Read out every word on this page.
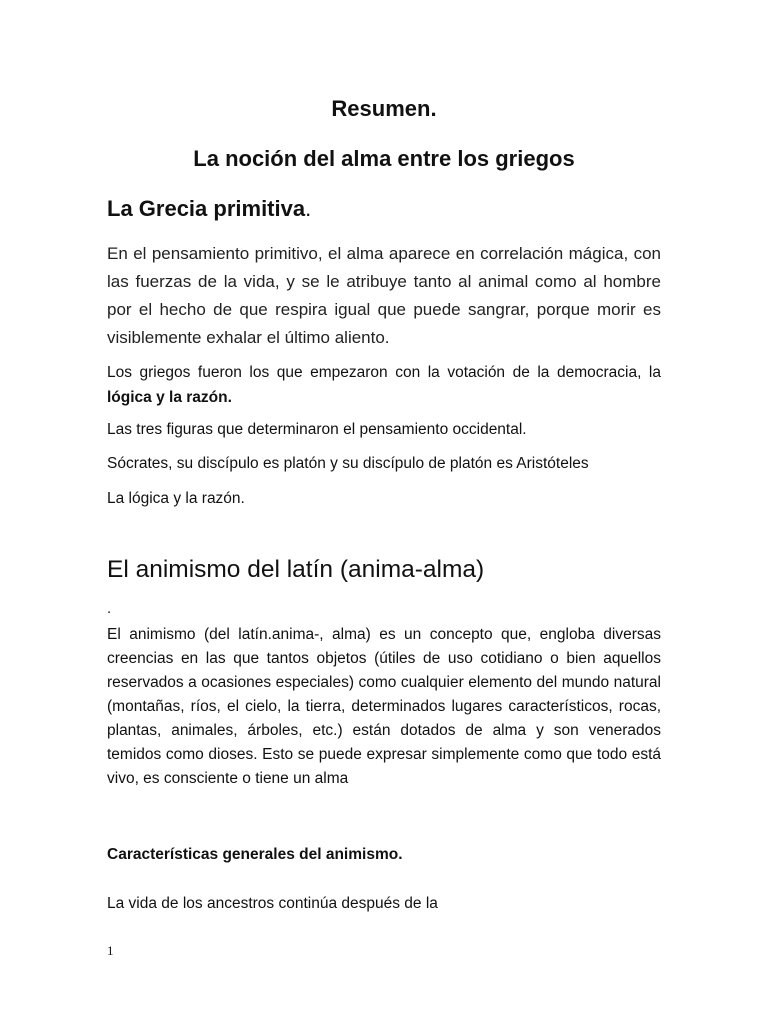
Resumen.
La noción del alma entre los griegos
La Grecia primitiva.

En el pensamiento primitivo, el alma aparece en correlación mágica, con las fuerzas de la vida, y se le atribuye tanto al animal como al hombre por el hecho de que respira igual que puede sangrar, porque morir es visiblemente exhalar el último aliento.

Los griegos fueron los que empezaron con la votación de la democracia, la lógica y la razón.

Las tres figuras que determinaron el pensamiento occidental.

Sócrates, su discípulo es platón y su discípulo de platón es Aristóteles

La lógica y la razón.

El animismo del latín (anima-alma)
.

El animismo (del latín.anima-, alma) es un concepto que, engloba diversas creencias en las que tantos objetos (útiles de uso cotidiano o bien aquellos reservados a ocasiones especiales) como cualquier elemento del mundo natural (montañas, ríos, el cielo, la tierra, determinados lugares característicos, rocas, plantas, animales, árboles, etc.) están dotados de alma y son venerados temidos como dioses. Esto se puede expresar simplemente como que todo está vivo, es consciente o tiene un alma

Características generales del animismo.

La vida de los ancestros continúa después de la

1
